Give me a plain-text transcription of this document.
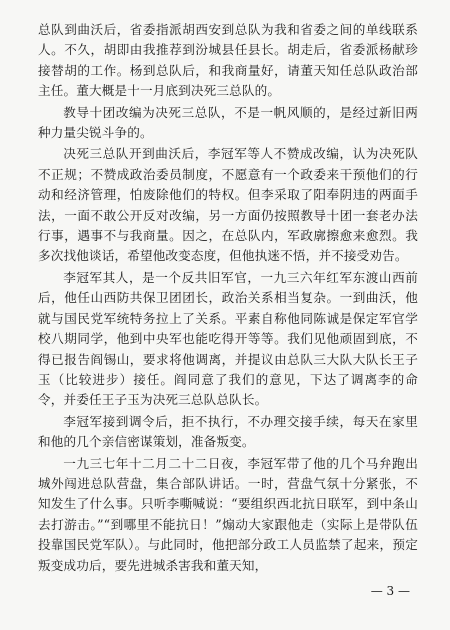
总队到曲沃后，省委指派胡西安到总队为我和省委之间的单线联系人。不久，胡即由我推荐到汾城县任县长。胡走后，省委派杨献珍接替胡的工作。杨到总队后，和我商量好，请董天知任总队政治部主任。董大概是十一月底到决死三总队的。

教导十团改编为决死三总队，不是一帆风顺的，是经过新旧两种力量尖锐斗争的。

决死三总队开到曲沃后，李冠军等人不赞成改编，认为决死队不正规；不赞成政治委员制度，不愿意有一个政委来干预他们的行动和经济管理，怕废除他们的特权。但李采取了阳奉阴违的两面手法，一面不敢公开反对改编，另一方面仍按照教导十团一套老办法行事，遇事不与我商量。因之，在总队内，军政廓擦愈来愈烈。我多次找他谈话，希望他改变态度，但他执迷不悟，并不接受劝告。

李冠军其人，是一个反共旧军官，一九三六年红军东渡山西前后，他任山西防共保卫团团长，政治关系相当复杂。一到曲沃，他就与国民党军统特务拉上了关系。平素自称他同陈诚是保定军官学校八期同学，他到中央军也能吃得开等等。我们见他顽固到底，不得已报告阎锡山，要求将他调离，并提议由总队三大队大队长王子玉（比较进步）接任。阎同意了我们的意见，下达了调离李的命令，并委任王子玉为决死三总队总队长。

李冠军接到调令后，拒不执行，不办理交接手续，每天在家里和他的几个亲信密谋策划，准备叛变。

一九三七年十二月二十二日夜，李冠军带了他的几个马弁跑出城外闯进总队营盘，集合部队讲话。一时，营盘气氛十分紧张，不知发生了什么事。只听李嘶喊说：“要组织西北抗日联军，到中条山去打游击。”“到哪里不能抗日！”煽动大家跟他走（实际上是带队伍投靠国民党军队）。与此同时，他把部分政工人员监禁了起来，预定叛变成功后，要先进城杀害我和董天知，

— 3 —
